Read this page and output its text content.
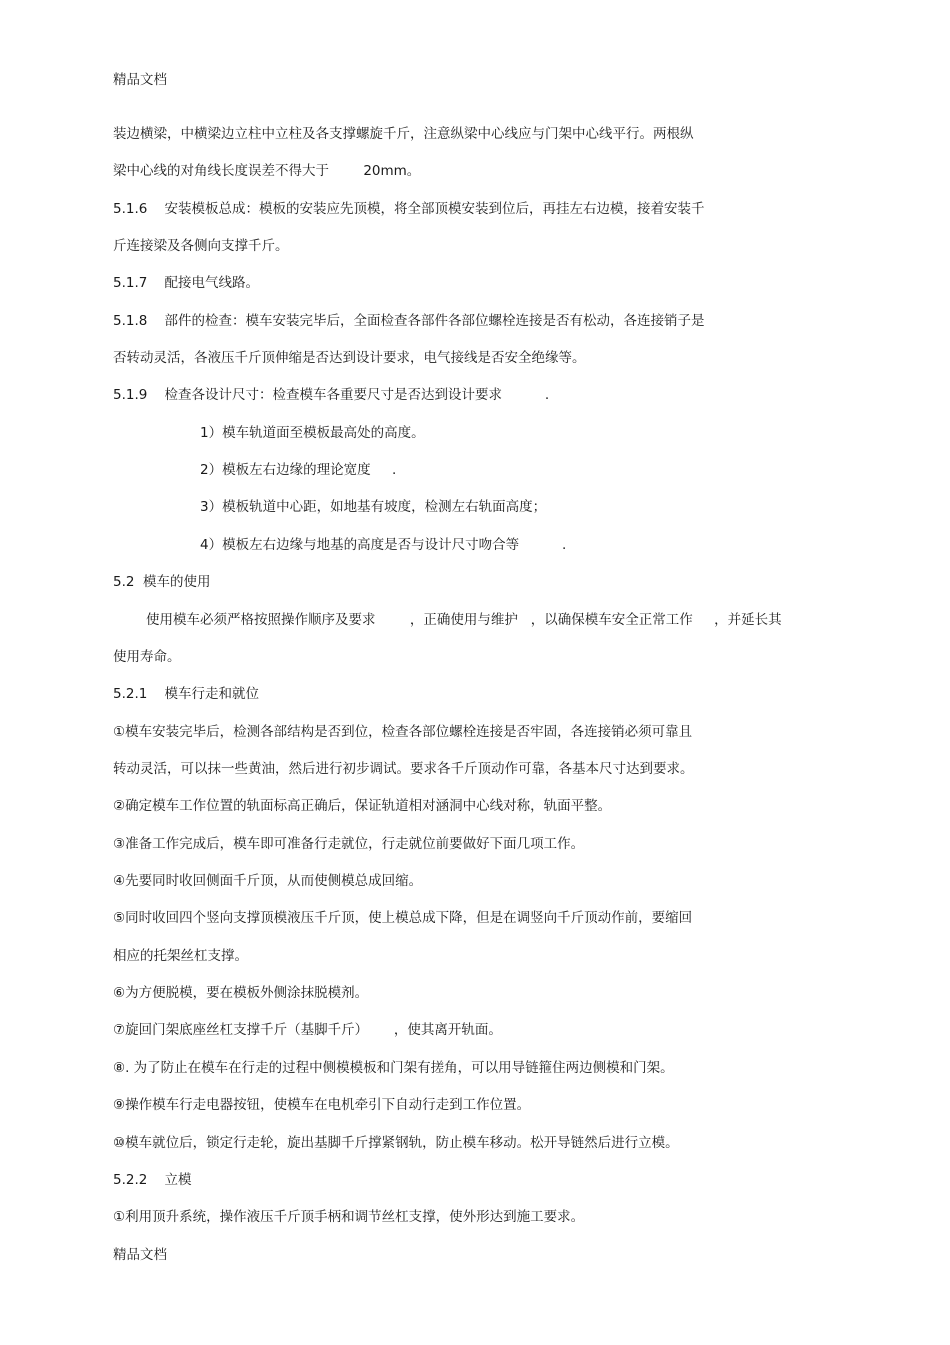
精品文档
装边横梁，中横梁边立柱中立柱及各支撑螺旋千斤，注意纵梁中心线应与门架中心线平行。两根纵
梁中心线的对角线长度误差不得大于        20mm。
5.1.6    安装模板总成：模板的安装应先顶模，将全部顶模安装到位后，再挂左右边模，接着安装千
斤连接梁及各侧向支撑千斤。
5.1.7    配接电气线路。
5.1.8    部件的检查：模车安装完毕后，全面检查各部件各部位螺栓连接是否有松动，各连接销子是
否转动灵活，各液压千斤顶伸缩是否达到设计要求，电气接线是否安全绝缘等。
5.1.9    检查各设计尺寸：检查模车各重要尺寸是否达到设计要求          .
1）模车轨道面至模板最高处的高度。
2）模板左右边缘的理论宽度     .
3）模板轨道中心距，如地基有坡度，检测左右轨面高度；
4）模板左右边缘与地基的高度是否与设计尺寸吻合等          .
5.2  模车的使用
使用模车必须严格按照操作顺序及要求        ，正确使用与维护   ，以确保模车安全正常工作     ，并延长其
使用寿命。
5.2.1    模车行走和就位
①模车安装完毕后，检测各部结构是否到位，检查各部位螺栓连接是否牢固，各连接销必须可靠且
转动灵活，可以抹一些黄油，然后进行初步调试。要求各千斤顶动作可靠，各基本尺寸达到要求。
②确定模车工作位置的轨面标高正确后，保证轨道相对涵洞中心线对称，轨面平整。
③准备工作完成后，模车即可准备行走就位，行走就位前要做好下面几项工作。
④先要同时收回侧面千斤顶，从而使侧模总成回缩。
⑤同时收回四个竖向支撑顶模液压千斤顶，使上模总成下降，但是在调竖向千斤顶动作前，要缩回
相应的托架丝杠支撑。
⑥为方便脱模，要在模板外侧涂抹脱模剂。
⑦旋回门架底座丝杠支撑千斤（基脚千斤）      ，使其离开轨面。
⑧. 为了防止在模车在行走的过程中侧模模板和门架有搓角，可以用导链箍住两边侧模和门架。
⑨操作模车行走电器按钮，使模车在电机牵引下自动行走到工作位置。
⑩模车就位后，锁定行走轮，旋出基脚千斤撑紧钢轨，防止模车移动。松开导链然后进行立模。
5.2.2    立模
①利用顶升系统，操作液压千斤顶手柄和调节丝杠支撑，使外形达到施工要求。
精品文档
